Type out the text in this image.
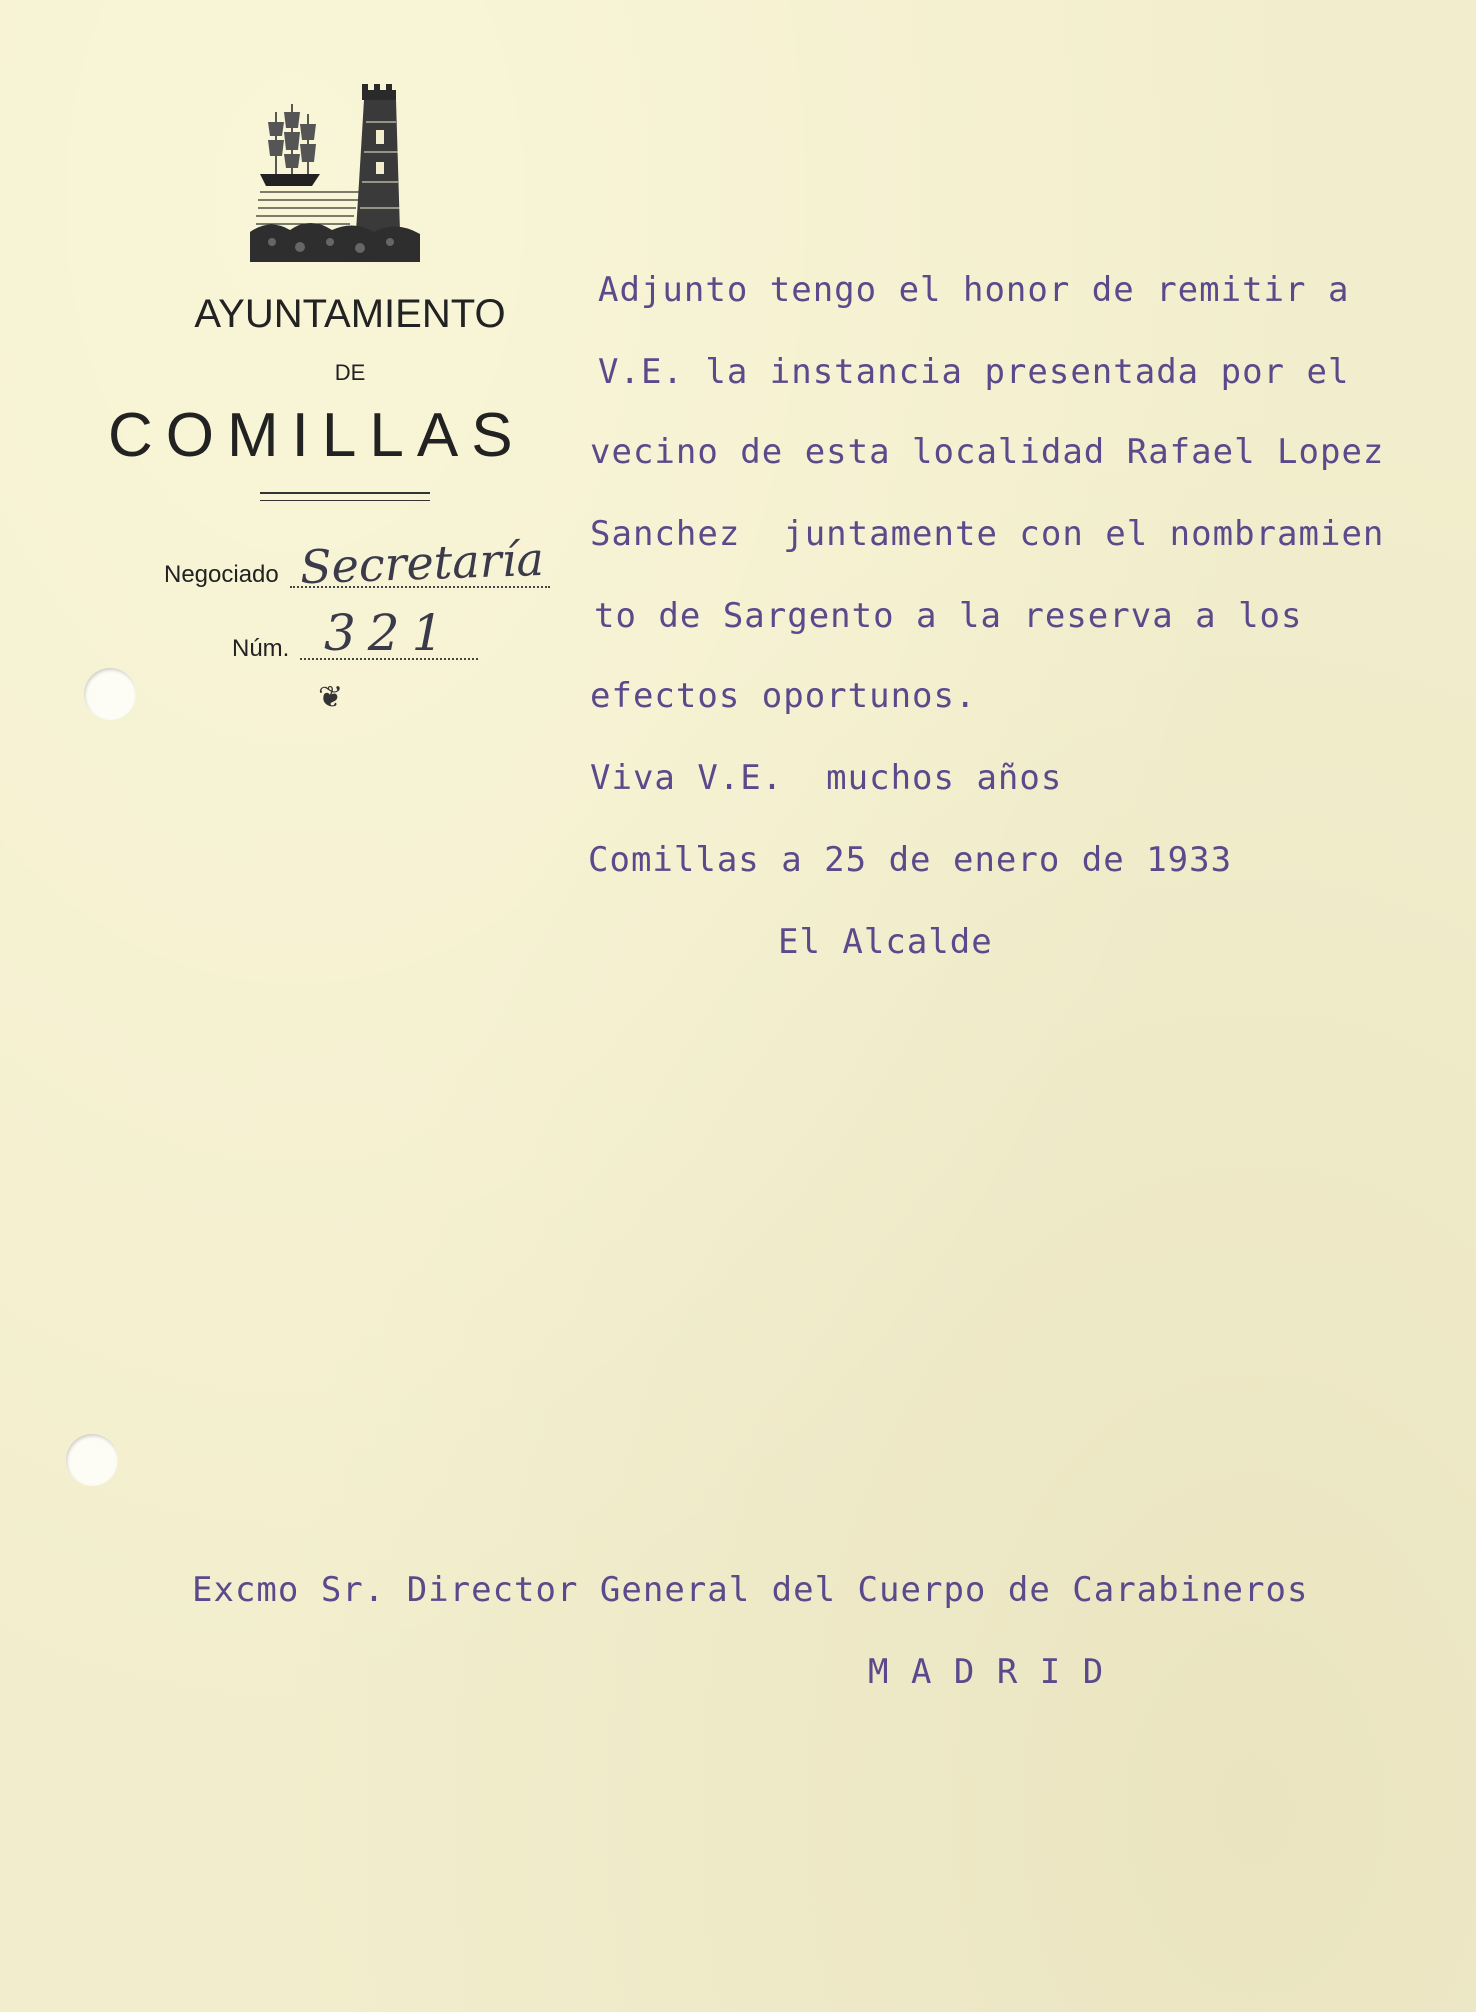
AYUNTAMIENTO
DE
COMILLAS
Negociado Secretaría
Núm. 321
❦

Adjunto tengo el honor de remitir a

V.E. la instancia presentada por el

vecino de esta localidad Rafael Lopez

Sanchez  juntamente con el nombramien

to de Sargento a la reserva a los

efectos oportunos.

Viva V.E.  muchos años

Comillas a 25 de enero de 1933

El Alcalde

Excmo Sr. Director General del Cuerpo de Carabineros

M A D R I D
